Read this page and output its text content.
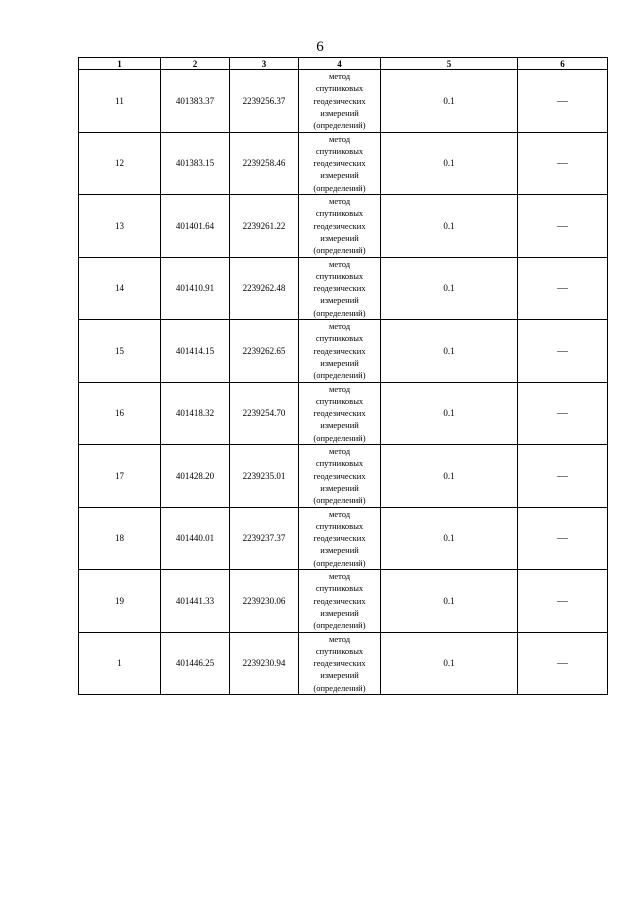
6
1	2	3	4	5	6
11	401383.37	2239256.37	метод
спутниковых
геодезических
измерений
(определений)	0.1	—
12	401383.15	2239258.46	метод
спутниковых
геодезических
измерений
(определений)	0.1	—
13	401401.64	2239261.22	метод
спутниковых
геодезических
измерений
(определений)	0.1	—
14	401410.91	2239262.48	метод
спутниковых
геодезических
измерений
(определений)	0.1	—
15	401414.15	2239262.65	метод
спутниковых
геодезических
измерений
(определений)	0.1	—
16	401418.32	2239254.70	метод
спутниковых
геодезических
измерений
(определений)	0.1	—
17	401428.20	2239235.01	метод
спутниковых
геодезических
измерений
(определений)	0.1	—
18	401440.01	2239237.37	метод
спутниковых
геодезических
измерений
(определений)	0.1	—
19	401441.33	2239230.06	метод
спутниковых
геодезических
измерений
(определений)	0.1	—
1	401446.25	2239230.94	метод
спутниковых
геодезических
измерений
(определений)	0.1	—
